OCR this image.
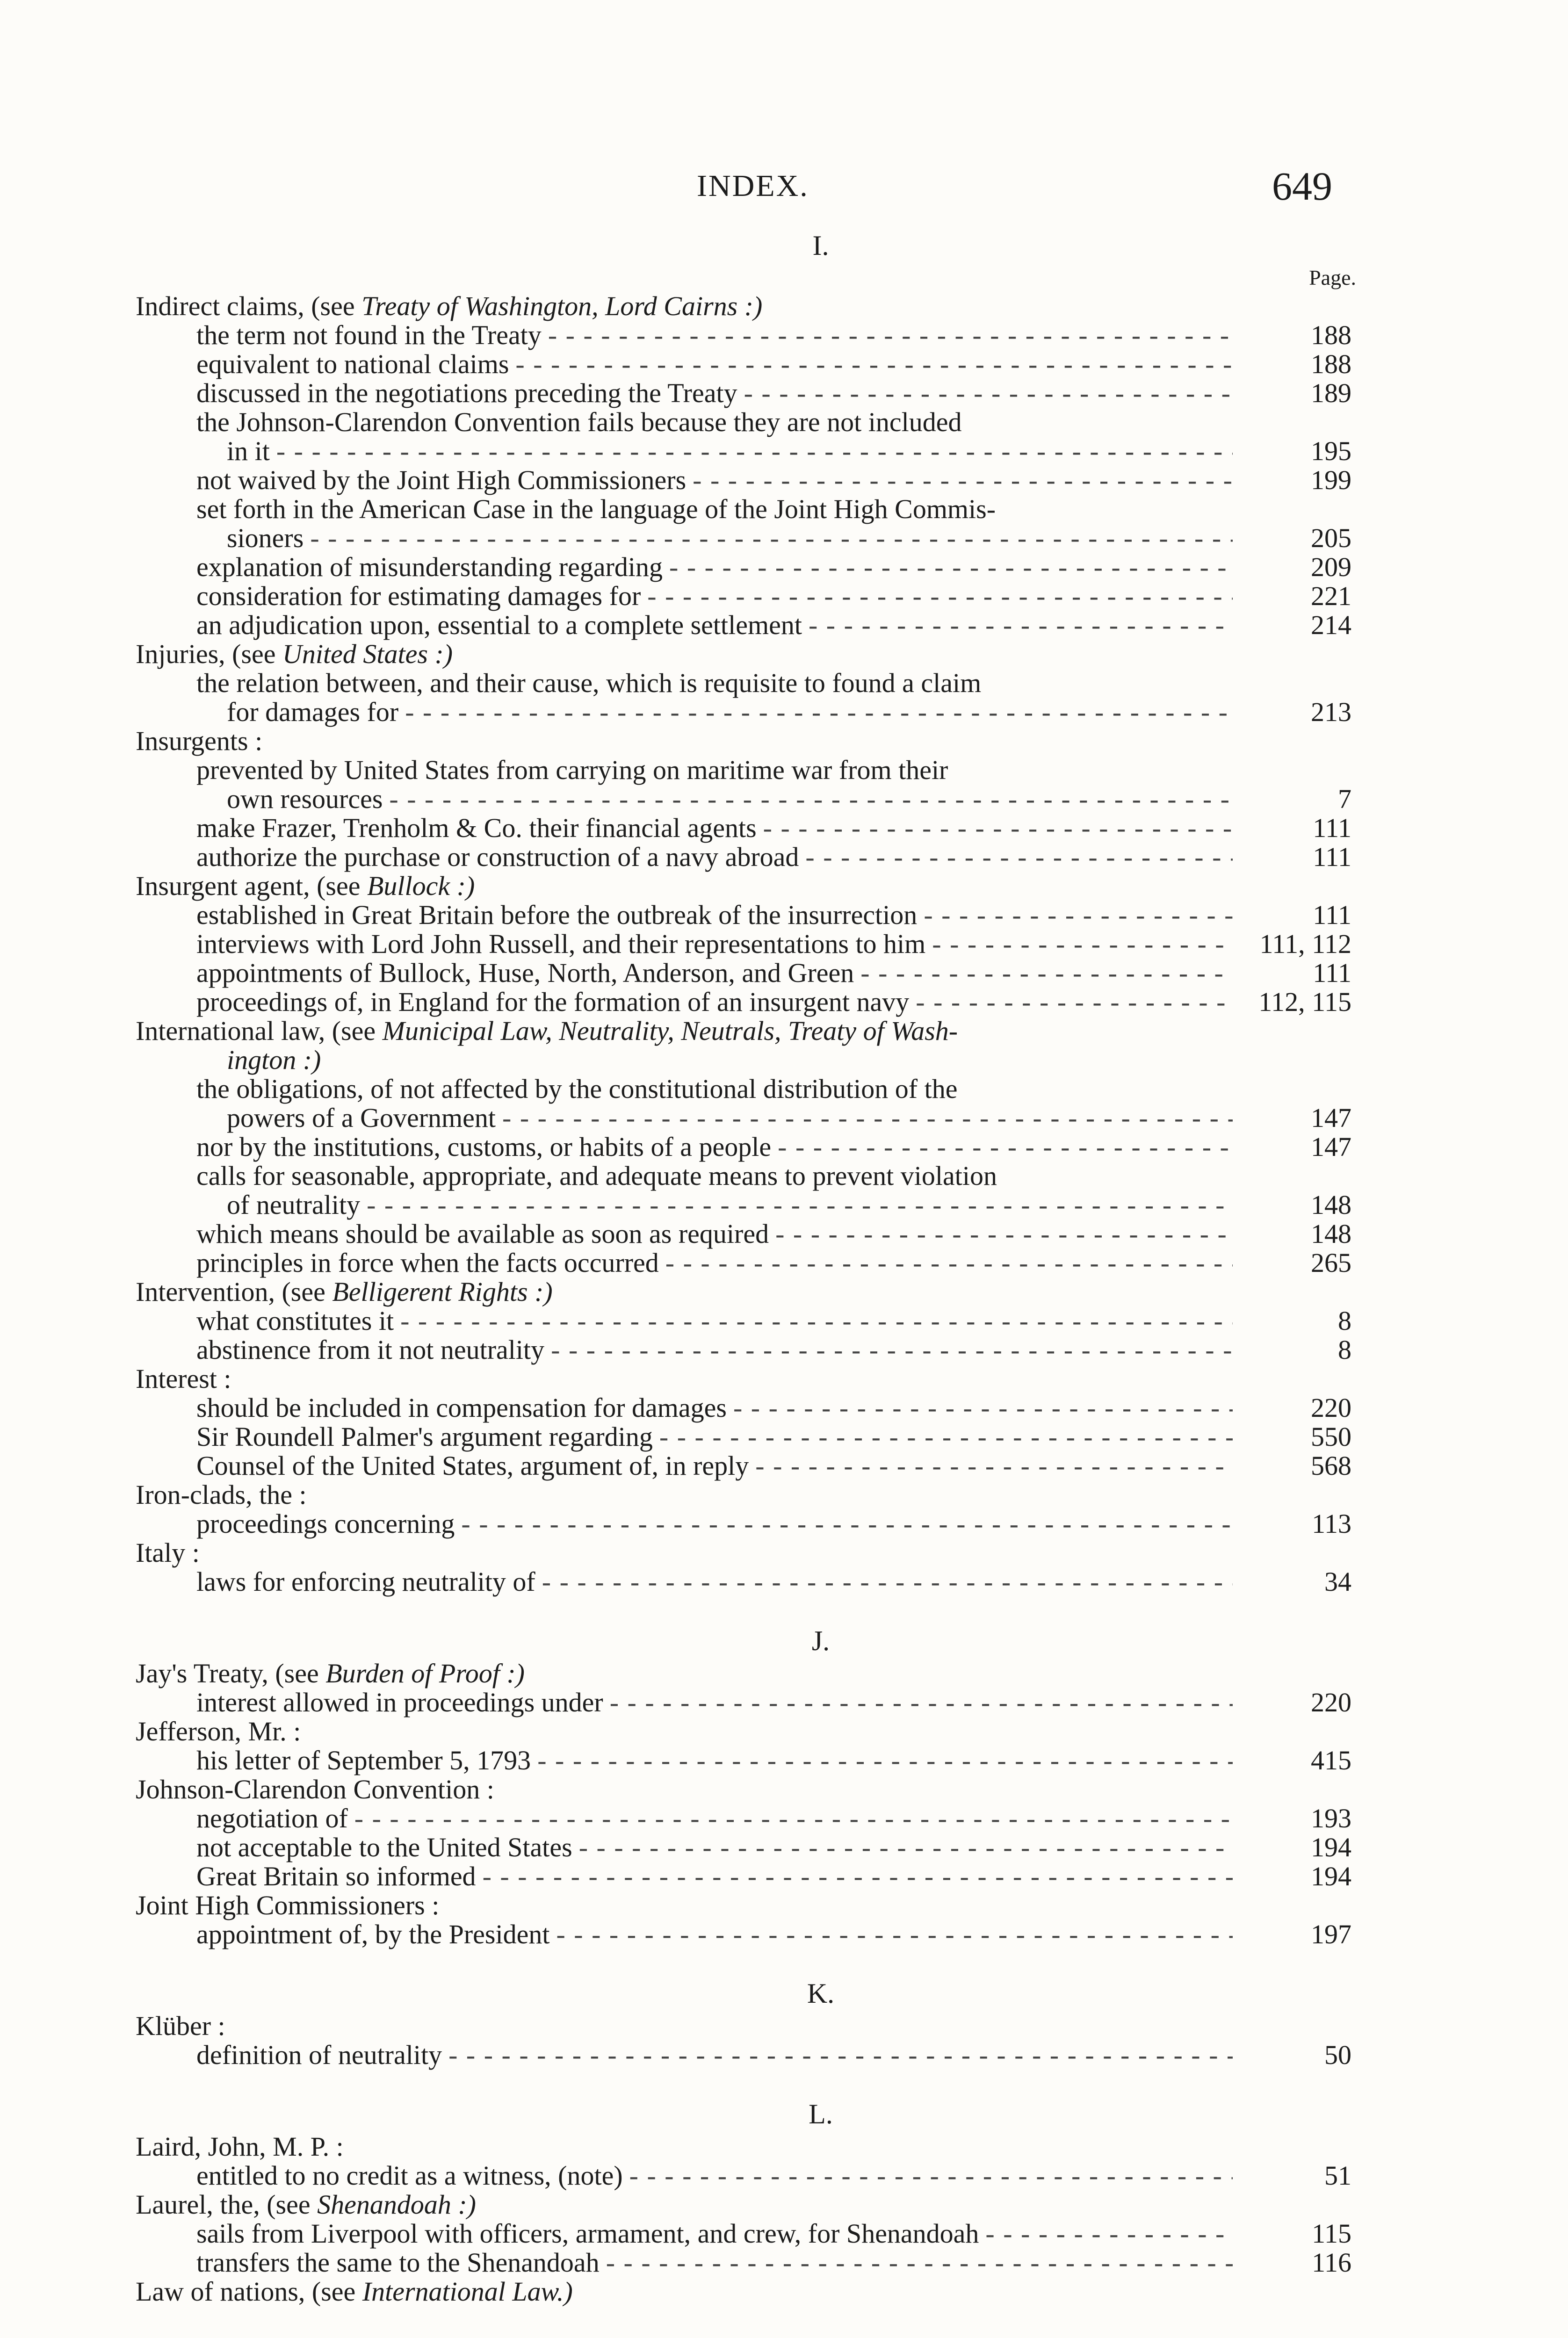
INDEX.	649
I.
Page.
Indirect claims, (see Treaty of Washington, Lord Cairns :)
the term not found in the Treaty - - -	188
equivalent to national claims - - -	188
discussed in the negotiations preceding the Treaty - - -	189
the Johnson-Clarendon Convention fails because they are not included
in it - - -	195
not waived by the Joint High Commissioners - - -	199
set forth in the American Case in the language of the Joint High Commis-
sioners - - -	205
explanation of misunderstanding regarding - - -	209
consideration for estimating damages for - - -	221
an adjudication upon, essential to a complete settlement - - -	214
Injuries, (see United States :)
the relation between, and their cause, which is requisite to found a claim
for damages for - - -	213
Insurgents :
prevented by United States from carrying on maritime war from their
own resources - - -	7
make Frazer, Trenholm & Co. their financial agents - - -	111
authorize the purchase or construction of a navy abroad - - -	111
Insurgent agent, (see Bullock :)
established in Great Britain before the outbreak of the insurrection - - -	111
interviews with Lord John Russell, and their representations to him - - -	111, 112
appointments of Bullock, Huse, North, Anderson, and Green - - -	111
proceedings of, in England for the formation of an insurgent navy - - -	112, 115
International law, (see Municipal Law, Neutrality, Neutrals, Treaty of Wash-
ington :)
the obligations, of not affected by the constitutional distribution of the
powers of a Government - - -	147
nor by the institutions, customs, or habits of a people - - -	147
calls for seasonable, appropriate, and adequate means to prevent violation
of neutrality - - -	148
which means should be available as soon as required - - -	148
principles in force when the facts occurred - - -	265
Intervention, (see Belligerent Rights :)
what constitutes it - - -	8
abstinence from it not neutrality - - -	8
Interest :
should be included in compensation for damages - - -	220
Sir Roundell Palmer's argument regarding - - -	550
Counsel of the United States, argument of, in reply - - -	568
Iron-clads, the :
proceedings concerning - - -	113
Italy :
laws for enforcing neutrality of - - -	34
J.
Jay's Treaty, (see Burden of Proof :)
interest allowed in proceedings under - - -	220
Jefferson, Mr. :
his letter of September 5, 1793 - - -	415
Johnson-Clarendon Convention :
negotiation of - - -	193
not acceptable to the United States - - -	194
Great Britain so informed - - -	194
Joint High Commissioners :
appointment of, by the President - - -	197
K.
Klüber :
definition of neutrality - - -	50
L.
Laird, John, M. P. :
entitled to no credit as a witness, (note) - - -	51
Laurel, the, (see Shenandoah :)
sails from Liverpool with officers, armament, and crew, for Shenandoah - - -	115
transfers the same to the Shenandoah - - -	116
Law of nations, (see International Law.)
